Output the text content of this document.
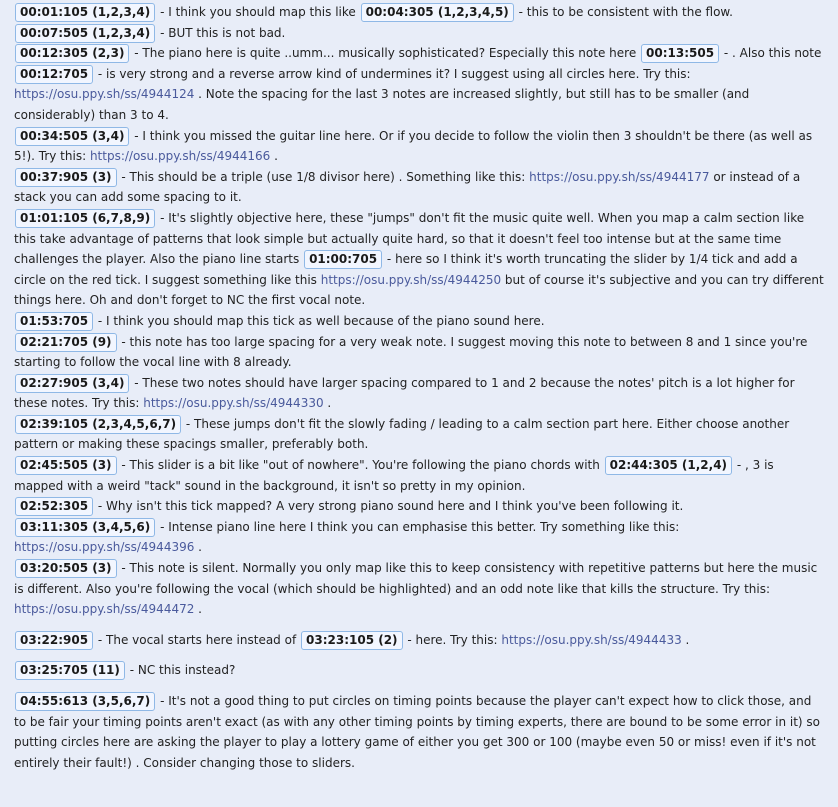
00:01:105 (1,2,3,4) - I think you should map this like 00:04:305 (1,2,3,4,5) - this to be consistent with the flow.
00:07:505 (1,2,3,4) - BUT this is not bad.
00:12:305 (2,3) - The piano here is quite ..umm... musically sophisticated? Especially this note here 00:13:505 - . Also this note
00:12:705 - is very strong and a reverse arrow kind of undermines it? I suggest using all circles here. Try this: https://osu.ppy.sh/ss/4944124 . Note the spacing for the last 3 notes are increased slightly, but still has to be smaller (and considerably) than 3 to 4.
00:34:505 (3,4) - I think you missed the guitar line here. Or if you decide to follow the violin then 3 shouldn't be there (as well as 5!). Try this: https://osu.ppy.sh/ss/4944166 .
00:37:905 (3) - This should be a triple (use 1/8 divisor here) . Something like this: https://osu.ppy.sh/ss/4944177 or instead of a stack you can add some spacing to it.
01:01:105 (6,7,8,9) - It's slightly objective here, these "jumps" don't fit the music quite well. When you map a calm section like this take advantage of patterns that look simple but actually quite hard, so that it doesn't feel too intense but at the same time challenges the player. Also the piano line starts 01:00:705 - here so I think it's worth truncating the slider by 1/4 tick and add a circle on the red tick. I suggest something like this https://osu.ppy.sh/ss/4944250 but of course it's subjective and you can try different things here. Oh and don't forget to NC the first vocal note.
01:53:705 - I think you should map this tick as well because of the piano sound here.
02:21:705 (9) - this note has too large spacing for a very weak note. I suggest moving this note to between 8 and 1 since you're starting to follow the vocal line with 8 already.
02:27:905 (3,4) - These two notes should have larger spacing compared to 1 and 2 because the notes' pitch is a lot higher for these notes. Try this: https://osu.ppy.sh/ss/4944330 .
02:39:105 (2,3,4,5,6,7) - These jumps don't fit the slowly fading / leading to a calm section part here. Either choose another pattern or making these spacings smaller, preferably both.
02:45:505 (3) - This slider is a bit like "out of nowhere". You're following the piano chords with 02:44:305 (1,2,4) - , 3 is mapped with a weird "tack" sound in the background, it isn't so pretty in my opinion.
02:52:305 - Why isn't this tick mapped? A very strong piano sound here and I think you've been following it.
03:11:305 (3,4,5,6) - Intense piano line here I think you can emphasise this better. Try something like this: https://osu.ppy.sh/ss/4944396 .
03:20:505 (3) - This note is silent. Normally you only map like this to keep consistency with repetitive patterns but here the music is different. Also you're following the vocal (which should be highlighted) and an odd note like that kills the structure. Try this: https://osu.ppy.sh/ss/4944472 .
03:22:905 - The vocal starts here instead of 03:23:105 (2) - here. Try this: https://osu.ppy.sh/ss/4944433 .
03:25:705 (11) - NC this instead?
04:55:613 (3,5,6,7) - It's not a good thing to put circles on timing points because the player can't expect how to click those, and to be fair your timing points aren't exact (as with any other timing points by timing experts, there are bound to be some error in it) so putting circles here are asking the player to play a lottery game of either you get 300 or 100 (maybe even 50 or miss! even if it's not entirely their fault!) . Consider changing those to sliders.
